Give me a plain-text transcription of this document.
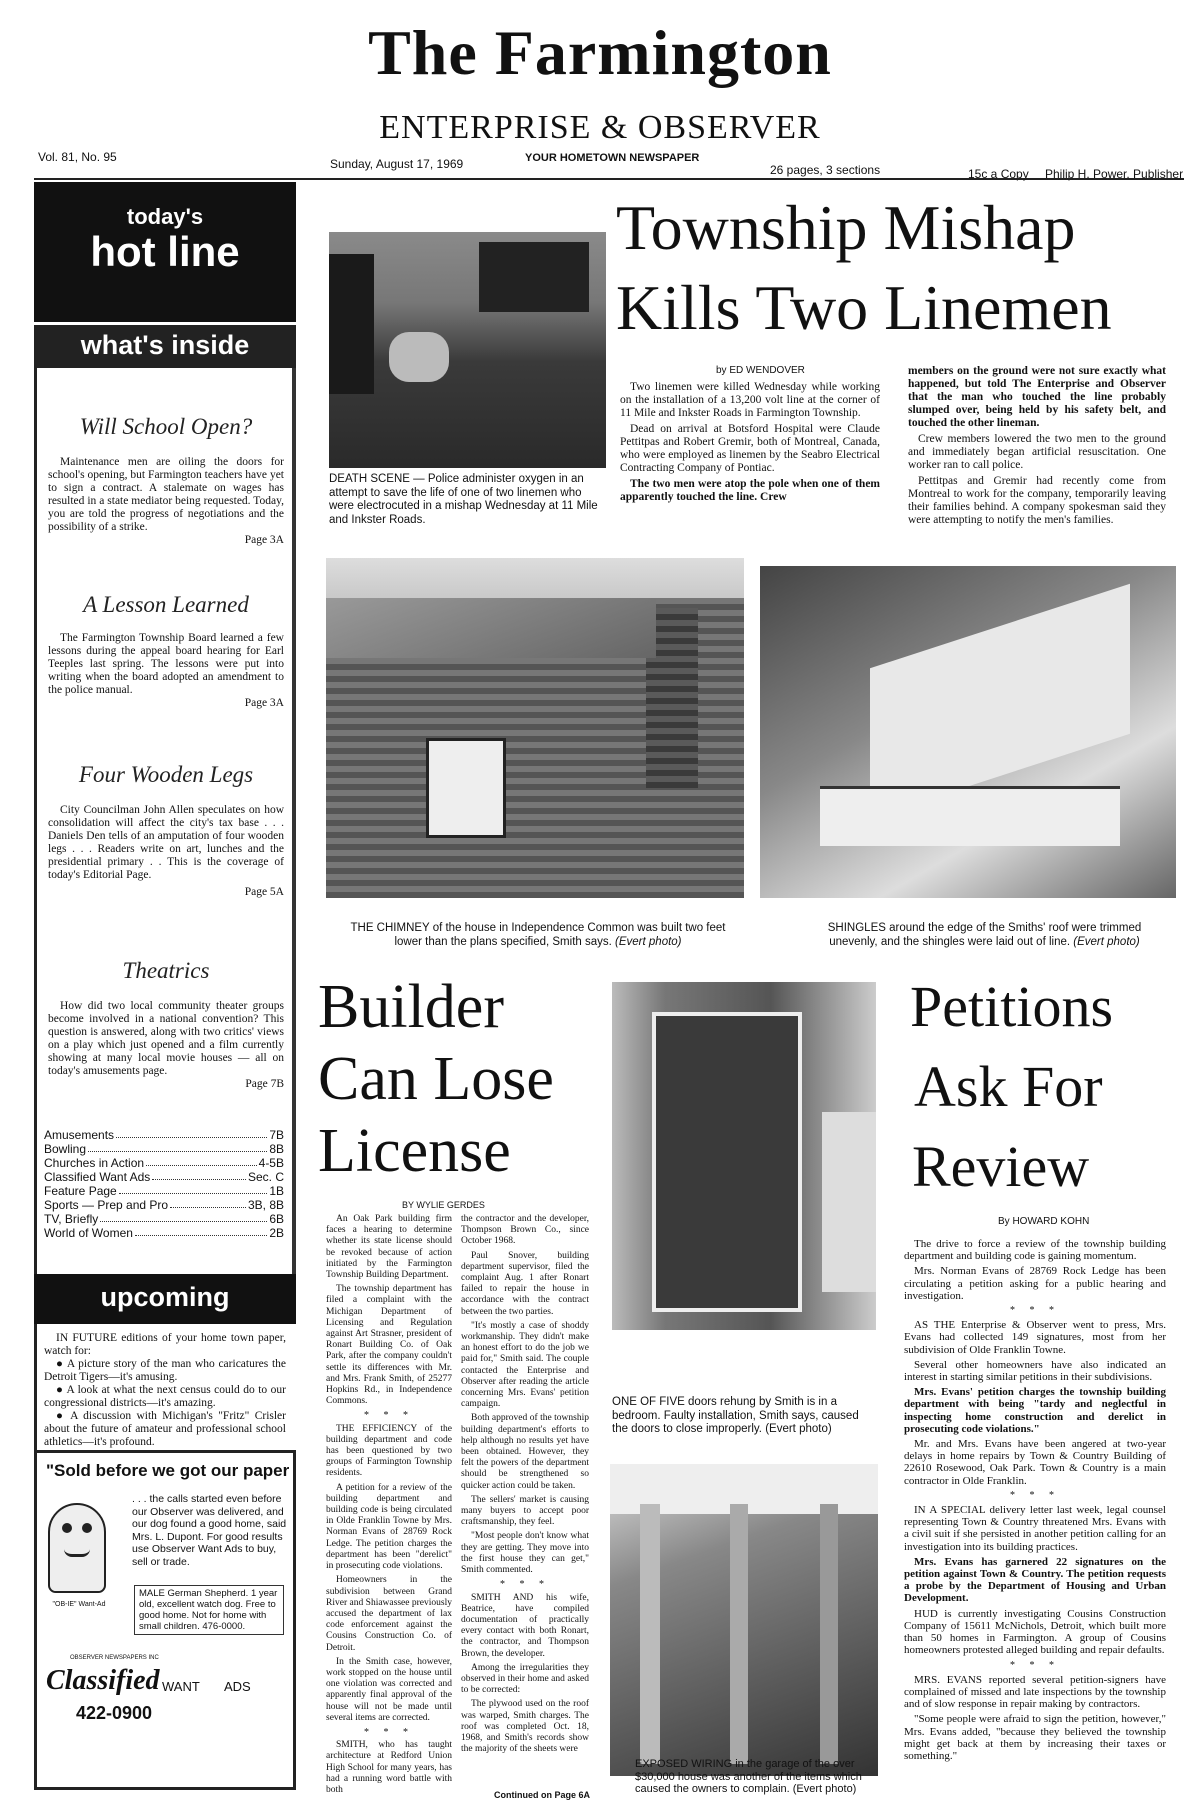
The Farmington
ENTERPRISE & OBSERVER
Vol. 81, No. 95	Sunday, August 17, 1969	YOUR HOMETOWN NEWSPAPER
26 pages, 3 sections	15c a Copy Philip H. Power, Publisher
today's
hot line
what's inside
Will School Open?
Maintenance men are oiling the doors for school's opening, but Farmington teachers have yet to sign a contract. A stalemate on wages has resulted in a state mediator being requested. Today, you are told the progress of negotiations and the possibility of a strike.
Page 3A
A Lesson Learned
The Farmington Township Board learned a few lessons during the appeal board hearing for Earl Teeples last spring. The lessons were put into writing when the board adopted an amendment to the police manual.
Page 3A
Four Wooden Legs
City Councilman John Allen speculates on how consolidation will affect the city's tax base . . . Daniels Den tells of an amputation of four wooden legs . . . Readers write on art, lunches and the presidential primary . . This is the coverage of today's Editorial Page.
Page 5A
Theatrics
How did two local community theater groups become involved in a national convention? This question is answered, along with two critics' views on a play which just opened and a film currently showing at many local movie houses — all on today's amusements page.
Page 7B
Amusements	7B
Bowling	8B
Churches in Action	4-5B
Classified Want Ads	Sec. C
Feature Page	1B
Sports — Prep and Pro	3B, 8B
TV, Briefly	6B
World of Women	2B
upcoming
IN FUTURE editions of your home town paper, watch for:
● A picture story of the man who caricatures the Detroit Tigers—it's amusing.
● A look at what the next census could do to our congressional districts—it's amazing.
● A discussion with Michigan's "Fritz" Crisler about the future of amateur and professional school athletics—it's profound.
"Sold before we got our paper
"OB-IE" Want-Ad
. . . the calls started even before our Observer was delivered, and our dog found a good home, said Mrs. L. Dupont. For good results use Observer Want Ads to buy, sell or trade.
MALE German Shepherd. 1 year old, excellent watch dog. Free to good home. Not for home with small children. 476-0000.
OBSERVER NEWSPAPERS INC
Classified WANT ADS
422-0900
DEATH SCENE — Police administer oxygen in an attempt to save the life of one of two linemen who were electrocuted in a mishap Wednesday at 11 Mile and Inkster Roads.
Township Mishap
Kills Two Linemen
by ED WENDOVER

Two linemen were killed Wednesday while working on the installation of a 13,200 volt line at the corner of 11 Mile and Inkster Roads in Farmington Township.

Dead on arrival at Botsford Hospital were Claude Pettitpas and Robert Gremir, both of Montreal, Canada, who were employed as linemen by the Seabro Electrical Contracting Company of Pontiac.

The two men were atop the pole when one of them apparently touched the line. Crew

members on the ground were not sure exactly what happened, but told The Enterprise and Observer that the man who touched the line probably slumped over, being held by his safety belt, and touched the other lineman.

Crew members lowered the two men to the ground and immediately began artificial resuscitation. One worker ran to call police.

Pettitpas and Gremir had recently come from Montreal to work for the company, temporarily leaving their families behind. A company spokesman said they were attempting to notify the men's families.

THE CHIMNEY of the house in Independence Common was built two feet lower than the plans specified, Smith says. (Evert photo)
SHINGLES around the edge of the Smiths' roof were trimmed unevenly, and the shingles were laid out of line. (Evert photo)
Builder
Can Lose
License
BY WYLIE GERDES

An Oak Park building firm faces a hearing to determine whether its state license should be revoked because of action initiated by the Farmington Township Building Department.

The township department has filed a complaint with the Michigan Department of Licensing and Regulation against Art Strasner, president of Ronart Building Co. of Oak Park, after the company couldn't settle its differences with Mr. and Mrs. Frank Smith, of 25277 Hopkins Rd., in Independence Commons.

* * *

THE EFFICIENCY of the building department and code has been questioned by two groups of Farmington Township residents.

A petition for a review of the building department and building code is being circulated in Olde Franklin Towne by Mrs. Norman Evans of 28769 Rock Ledge. The petition charges the department has been "derelict" in prosecuting code violations.

Homeowners in the subdivision between Grand River and Shiawassee previously accused the department of lax code enforcement against the Cousins Construction Co. of Detroit.

In the Smith case, however, work stopped on the house until one violation was corrected and apparently final approval of the house will not be made until several items are corrected.

* * *

SMITH, who has taught architecture at Redford Union High School for many years, has had a running word battle with both

the contractor and the developer, Thompson Brown Co., since October 1968.

Paul Snover, building department supervisor, filed the complaint Aug. 1 after Ronart failed to repair the house in accordance with the contract between the two parties.

"It's mostly a case of shoddy workmanship. They didn't make an honest effort to do the job we paid for," Smith said. The couple contacted the Enterprise and Observer after reading the article concerning Mrs. Evans' petition campaign.

Both approved of the township building department's efforts to help although no results yet have been obtained. However, they felt the powers of the department should be strengthened so quicker action could be taken.

The sellers' market is causing many buyers to accept poor craftsmanship, they feel.

"Most people don't know what they are getting. They move into the first house they can get," Smith commented.

* * *

SMITH AND his wife, Beatrice, have compiled documentation of practically every contact with both Ronart, the contractor, and Thompson Brown, the developer.

Among the irregularities they observed in their home and asked to be corrected:

The plywood used on the roof was warped, Smith charges. The roof was completed Oct. 18, 1968, and Smith's records show the majority of the sheets were

Continued on Page 6A
ONE OF FIVE doors rehung by Smith is in a bedroom. Faulty installation, Smith says, caused the doors to close improperly. (Evert photo)
EXPOSED WIRING in the garage of the over $30,000 house was another of the items which caused the owners to complain. (Evert photo)
Petitions
Ask For
Review
By HOWARD KOHN

The drive to force a review of the township building department and building code is gaining momentum.

Mrs. Norman Evans of 28769 Rock Ledge has been circulating a petition asking for a public hearing and investigation.

* * *

AS THE Enterprise & Observer went to press, Mrs. Evans had collected 149 signatures, most from her subdivision of Olde Franklin Towne.

Several other homeowners have also indicated an interest in starting similar petitions in their subdivisions.

Mrs. Evans' petition charges the township building department with being "tardy and neglectful in inspecting home construction and derelict in prosecuting code violations."

Mr. and Mrs. Evans have been angered at two-year delays in home repairs by Town & Country Building of 22610 Rosewood, Oak Park. Town & Country is a main contractor in Olde Franklin.

* * *

IN A SPECIAL delivery letter last week, legal counsel representing Town & Country threatened Mrs. Evans with a civil suit if she persisted in another petition calling for an investigation into its building practices.

Mrs. Evans has garnered 22 signatures on the petition against Town & Country. The petition requests a probe by the Department of Housing and Urban Development.

HUD is currently investigating Cousins Construction Company of 15611 McNichols, Detroit, which built more than 50 homes in Farmington. A group of Cousins homeowners protested alleged building and repair defaults.

* * *

MRS. EVANS reported several petition-signers have complained of missed and late inspections by the township and of slow response in repair making by contractors.

"Some people were afraid to sign the petition, however," Mrs. Evans added, "because they believed the township might get back at them by increasing their taxes or something."
